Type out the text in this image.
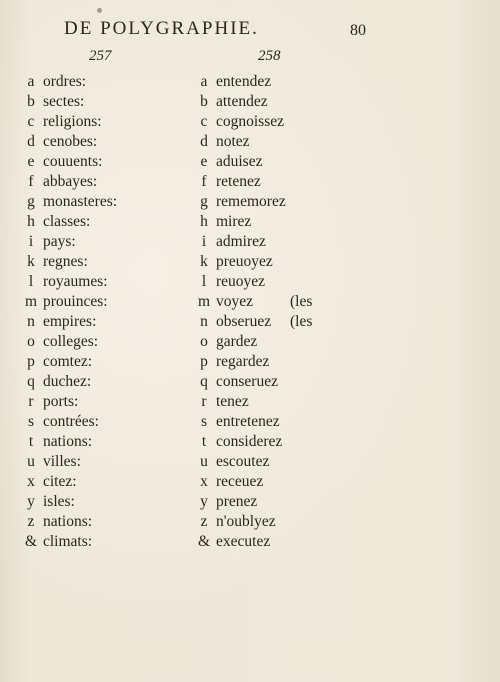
DE POLYGRAPHIE.	80
257	258
a ordres:
b sectes:
c religions:
d cenobes:
e couuents:
f abbayes:
g monasteres:
h classes:
i pays:
k regnes:
l royaumes:
m prouinces:
n empires:
o colleges:
p comtez:
q duchez:
r ports:
s contrées:
t nations:
u villes:
x citez:
y isles:
z nations:
& climats:
a entendez
b attendez
c cognoissez
d notez
e aduisez
f retenez
g rememorez
h mirez
i admirez
k preuoyez
l reuoyez
m voyez (les
n obseruez (les
o gardez
p regardez
q conseruez
r tenez
s entretenez
t considerez
u escoutez
x receuez
y prenez
z n'oublyez
& executez
